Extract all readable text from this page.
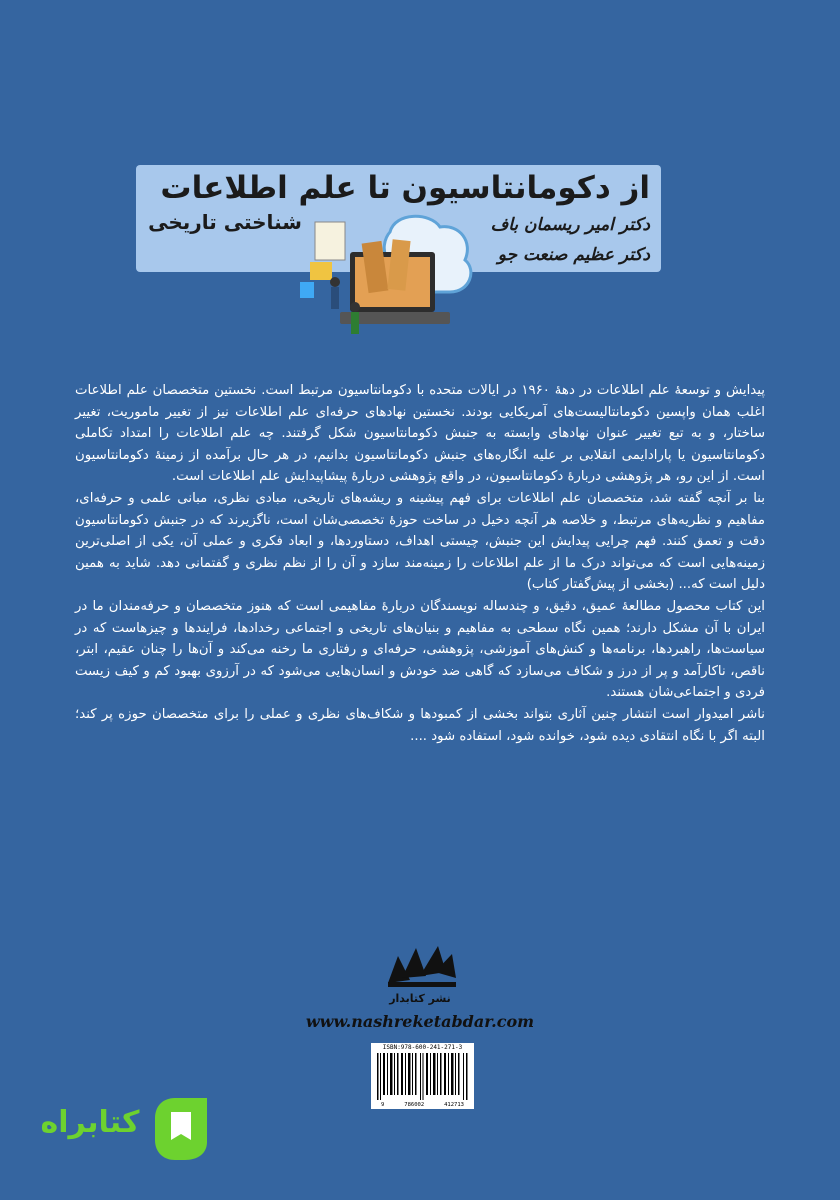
از دکومانتاسیون تا علم اطلاعات
شناختی تاریخی	دکتر امیر ریسمان باف
دکتر عظیم صنعت جو

پیدایش و توسعهٔ علم اطلاعات در دههٔ ۱۹۶۰ در ایالات متحده با دکومانتاسیون مرتبط است. نخستین متخصصان علم اطلاعات اغلب همان واپسین دکومانتالیست‌های آمریکایی بودند. نخستین نهادهای حرفه‌ای علم اطلاعات نیز از تغییر ماموریت، تغییر ساختار، و به تبع تغییر عنوان نهادهای وابسته به جنبش دکومانتاسیون شکل گرفتند. چه علم اطلاعات را امتداد تکاملی دکومانتاسیون یا پارادایمی انقلابی بر علیه انگاره‌های جنبش دکومانتاسیون بدانیم، در هر حال برآمده از زمینهٔ دکومانتاسیون است. از این رو، هر پژوهشی دربارهٔ دکومانتاسیون، در واقع پژوهشی دربارهٔ پیشاپیدایش علم اطلاعات است.

بنا بر آنچه گفته شد، متخصصان علم اطلاعات برای فهم پیشینه و ریشه‌های تاریخی، مبادی نظری، مبانی علمی و حرفه‌ای، مفاهیم و نظریه‌های مرتبط، و خلاصه هر آنچه دخیل در ساخت حوزهٔ تخصصی‌شان است، ناگزیرند که در جنبش دکومانتاسیون دقت و تعمق کنند. فهم چرایی پیدایش این جنبش، چیستی اهداف، دستاوردها، و ابعاد فکری و عملی آن، یکی از اصلی‌ترین زمینه‌هایی است که می‌تواند درک ما از علم اطلاعات را زمینه‌مند سازد و آن را از نظم نظری و گفتمانی دهد. شاید به همین دلیل است که... (بخشی از پیش‌گفتار کتاب)

این کتاب محصول مطالعهٔ عمیق، دقیق، و چندساله نویسندگان دربارهٔ مفاهیمی است که هنوز متخصصان و حرفه‌مندان ما در ایران با آن مشکل دارند؛ همین نگاه سطحی به مفاهیم و بنیان‌های تاریخی و اجتماعی رخدادها، فرایندها و چیزهاست که در سیاست‌ها، راهبردها، برنامه‌ها و کنش‌های آموزشی، پژوهشی، حرفه‌ای و رفتاری ما رخنه می‌کند و آن‌ها را چنان عقیم، ابتر، ناقص، ناکارآمد و پر از درز و شکاف می‌سازد که گاهی ضد خودش و انسان‌هایی می‌شود که در آرزوی بهبود کم و کیف زیست فردی و اجتماعی‌شان هستند.

ناشر امیدوار است انتشار چنین آثاری بتواند بخشی از کمبودها و شکاف‌های نظری و عملی را برای متخصصان حوزه پر کند؛ البته اگر با نگاه انتقادی دیده شود، خوانده شود، استفاده شود ....

نشر کتابدار
www.nashreketabdar.com
ISBN:978-600-241-271-3
9	786002	412713
کتابراه
